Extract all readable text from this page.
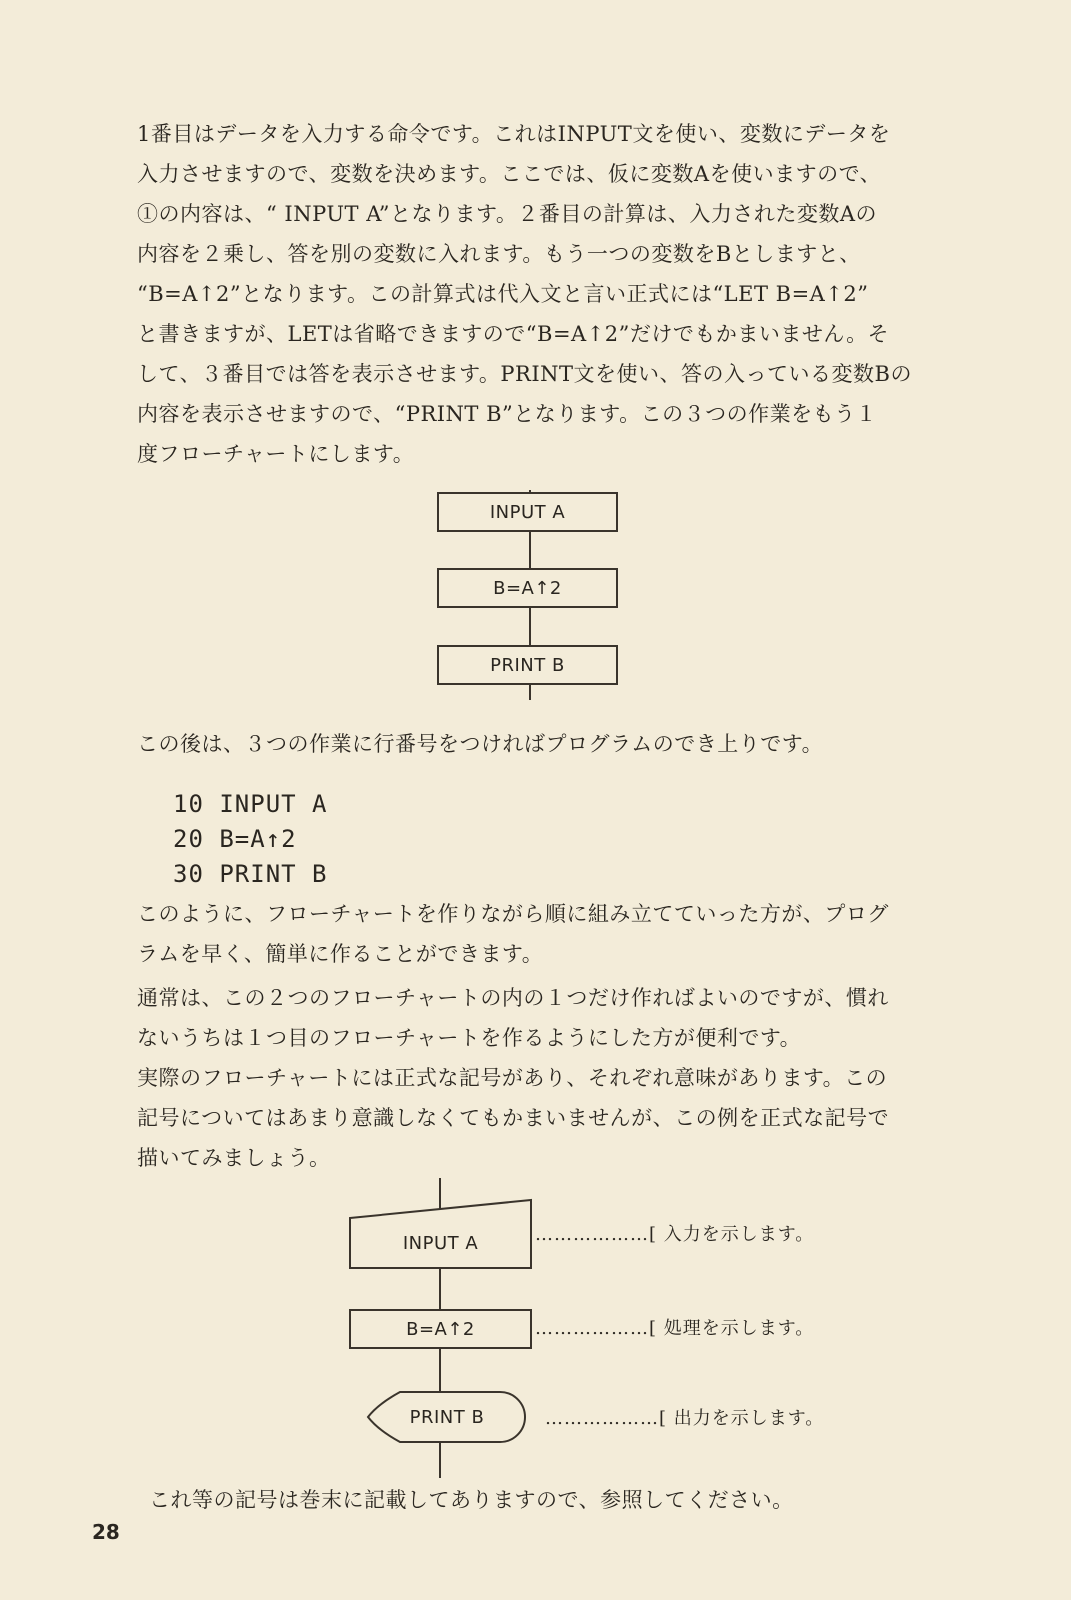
1番目はデータを入力する命令です。これはINPUT文を使い、変数にデータを

入力させますので、変数を決めます。ここでは、仮に変数Aを使いますので、

①の内容は、“ INPUT A”となります。２番目の計算は、入力された変数Aの

内容を２乗し、答を別の変数に入れます。もう一つの変数をBとしますと、

“B=A↑2”となります。この計算式は代入文と言い正式には“LET B=A↑2”

と書きますが、LETは省略できますので“B=A↑2”だけでもかまいません。そ

して、３番目では答を表示させます。PRINT文を使い、答の入っている変数Bの

内容を表示させますので、“PRINT B”となります。この３つの作業をもう１

度フローチャートにします。

INPUT A
B=A↑2
PRINT B

この後は、３つの作業に行番号をつければプログラムのでき上りです。

10 INPUT A
20 B=A↑2
30 PRINT B

このように、フローチャートを作りながら順に組み立てていった方が、プログ

ラムを早く、簡単に作ることができます。

通常は、この２つのフローチャートの内の１つだけ作ればよいのですが、慣れ

ないうちは１つ目のフローチャートを作るようにした方が便利です。

実際のフローチャートには正式な記号があり、それぞれ意味があります。この

記号についてはあまり意識しなくてもかまいませんが、この例を正式な記号で

描いてみましょう。

INPUT A
B=A↑2
PRINT B
………………[ 入力を示します。
………………[ 処理を示します。
………………[ 出力を示します。

これ等の記号は巻末に記載してありますので、参照してください。

28
